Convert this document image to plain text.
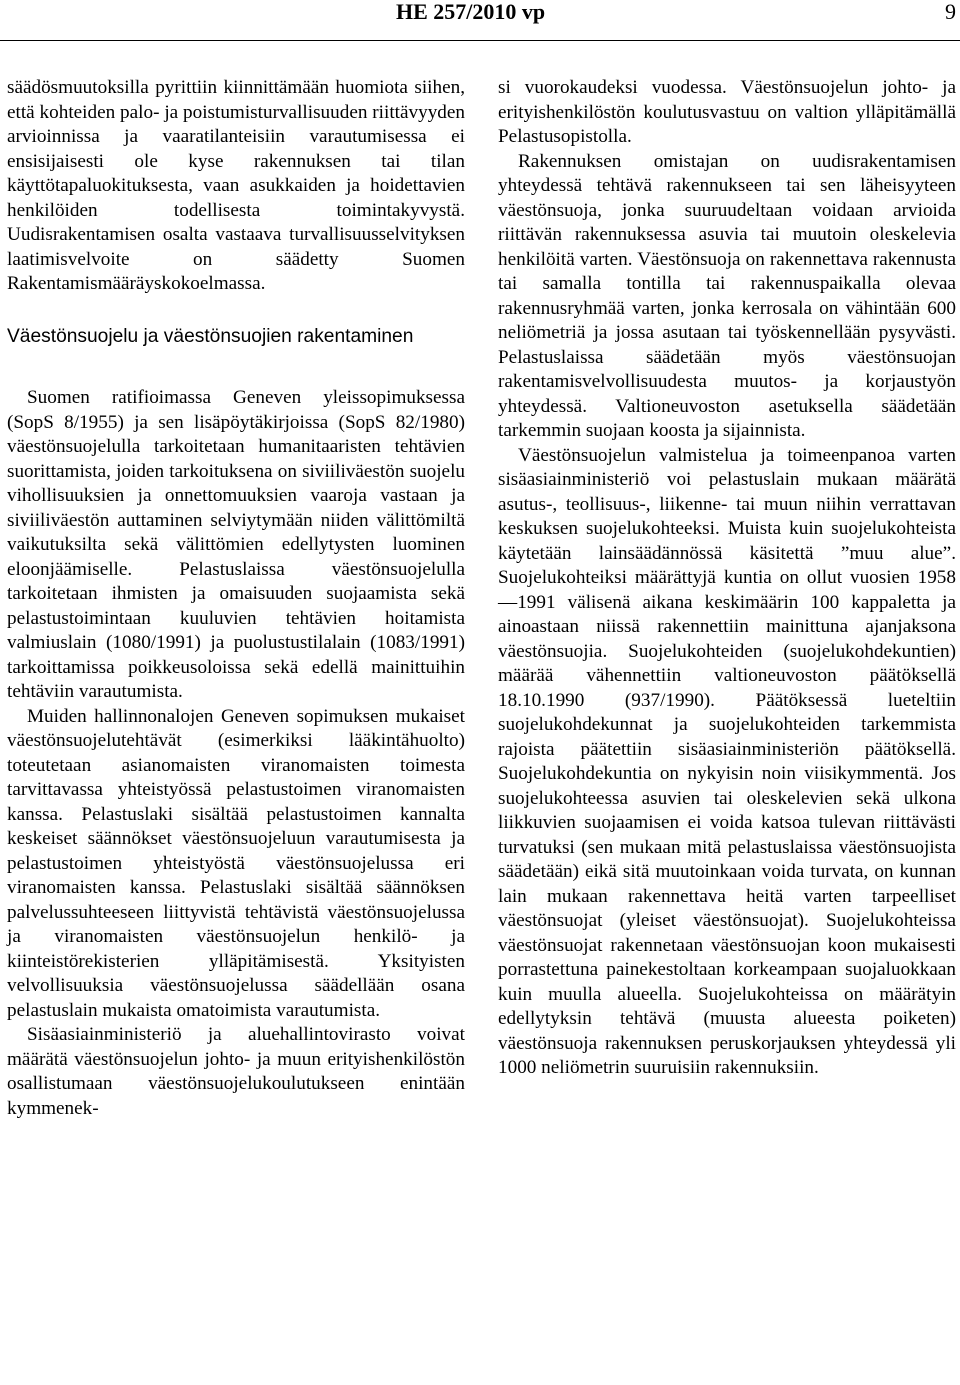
HE 257/2010 vp	9

säädösmuutoksilla pyrittiin kiinnittämään huomiota siihen, että kohteiden palo- ja poistumisturvallisuuden riittävyyden arvioinnissa ja vaaratilanteisiin varautumisessa ei ensisijaisesti ole kyse rakennuksen tai tilan käyttötapaluokituksesta, vaan asukkaiden ja hoidettavien henkilöiden todellisesta toimintakyvystä. Uudisrakentamisen osalta vastaava turvallisuusselvityksen laatimisvelvoite on säädetty Suomen Rakentamismääräyskokoelmassa.

Väestönsuojelu ja väestönsuojien rakentaminen

Suomen ratifioimassa Geneven yleissopimuksessa (SopS 8/1955) ja sen lisäpöytäkirjoissa (SopS 82/1980) väestönsuojelulla tarkoitetaan humanitaaristen tehtävien suorittamista, joiden tarkoituksena on siviiliväestön suojelu vihollisuuksien ja onnettomuuksien vaaroja vastaan ja siviiliväestön auttaminen selviytymään niiden välittömiltä vaikutuksilta sekä välittömien edellytysten luominen eloonjäämiselle. Pelastuslaissa väestönsuojelulla tarkoitetaan ihmisten ja omaisuuden suojaamista sekä pelastustoimintaan kuuluvien tehtävien hoitamista valmiuslain (1080/1991) ja puolustustilalain (1083/1991) tarkoittamissa poikkeusoloissa sekä edellä mainittuihin tehtäviin varautumista.

Muiden hallinnonalojen Geneven sopimuksen mukaiset väestönsuojelutehtävät (esimerkiksi lääkintähuolto) toteutetaan asianomaisten viranomaisten toimesta tarvittavassa yhteistyössä pelastustoimen viranomaisten kanssa. Pelastuslaki sisältää pelastustoimen kannalta keskeiset säännökset väestönsuojeluun varautumisesta ja pelastustoimen yhteistyöstä väestönsuojelussa eri viranomaisten kanssa. Pelastuslaki sisältää säännöksen palvelussuhteeseen liittyvistä tehtävistä väestönsuojelussa ja viranomaisten väestönsuojelun henkilö- ja kiinteistörekisterien ylläpitämisestä. Yksityisten velvollisuuksia väestönsuojelussa säädellään osana pelastuslain mukaista omatoimista varautumista.

Sisäasiainministeriö ja aluehallintovirasto voivat määrätä väestönsuojelun johto- ja muun erityishenkilöstön osallistumaan väestönsuojelukoulutukseen enintään kymmenek-

si vuorokaudeksi vuodessa. Väestönsuojelun johto- ja erityishenkilöstön koulutusvastuu on valtion ylläpitämällä Pelastusopistolla.

Rakennuksen omistajan on uudisrakentamisen yhteydessä tehtävä rakennukseen tai sen läheisyyteen väestönsuoja, jonka suuruudeltaan voidaan arvioida riittävän rakennuksessa asuvia tai muutoin oleskelevia henkilöitä varten. Väestönsuoja on rakennettava rakennusta tai samalla tontilla tai rakennuspaikalla olevaa rakennusryhmää varten, jonka kerrosala on vähintään 600 neliömetriä ja jossa asutaan tai työskennellään pysyvästi. Pelastuslaissa säädetään myös väestönsuojan rakentamisvelvollisuudesta muutos- ja korjaustyön yhteydessä. Valtioneuvoston asetuksella säädetään tarkemmin suojaan koosta ja sijainnista.

Väestönsuojelun valmistelua ja toimeenpanoa varten sisäasiainministeriö voi pelastuslain mukaan määrätä asutus-, teollisuus-, liikenne- tai muun niihin verrattavan keskuksen suojelukohteeksi. Muista kuin suojelukohteista käytetään lainsäädännössä käsitettä ”muu alue”. Suojelukohteiksi määrättyjä kuntia on ollut vuosien 1958—1991 välisenä aikana keskimäärin 100 kappaletta ja ainoastaan niissä rakennettiin mainittuna ajanjaksona väestönsuojia. Suojelukohteiden (suojelukohdekuntien) määrää vähennettiin valtioneuvoston päätöksellä 18.10.1990 (937/1990). Päätöksessä lueteltiin suojelukohdekunnat ja suojelukohteiden tarkemmista rajoista päätettiin sisäasiainministeriön päätöksellä. Suojelukohdekuntia on nykyisin noin viisikymmentä. Jos suojelukohteessa asuvien tai oleskelevien sekä ulkona liikkuvien suojaamisen ei voida katsoa tulevan riittävästi turvatuksi (sen mukaan mitä pelastuslaissa väestönsuojista säädetään) eikä sitä muutoinkaan voida turvata, on kunnan lain mukaan rakennettava heitä varten tarpeelliset väestönsuojat (yleiset väestönsuojat). Suojelukohteissa väestönsuojat rakennetaan väestönsuojan koon mukaisesti porrastettuna painekestoltaan korkeampaan suojaluokkaan kuin muulla alueella. Suojelukohteissa on määrätyin edellytyksin tehtävä (muusta alueesta poiketen) väestönsuoja rakennuksen peruskorjauksen yhteydessä yli 1000 neliömetrin suuruisiin rakennuksiin.
